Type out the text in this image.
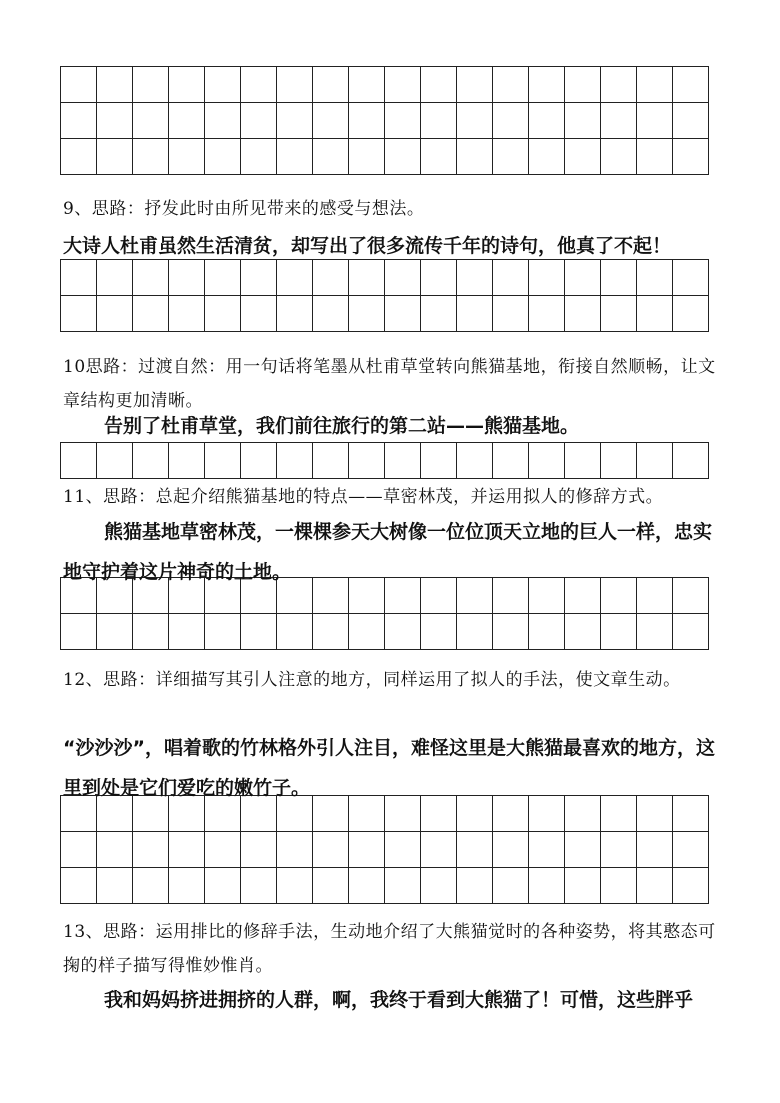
9、思路：抒发此时由所见带来的感受与想法。
大诗人杜甫虽然生活清贫，却写出了很多流传千年的诗句，他真了不起！
10思路：过渡自然：用一句话将笔墨从杜甫草堂转向熊猫基地，衔接自然顺畅，让文章结构更加清晰。
告别了杜甫草堂，我们前往旅行的第二站——熊猫基地。
11、思路：总起介绍熊猫基地的特点——草密林茂，并运用拟人的修辞方式。
熊猫基地草密林茂，一棵棵参天大树像一位位顶天立地的巨人一样，忠实地守护着这片神奇的土地。
12、思路：详细描写其引人注意的地方，同样运用了拟人的手法，使文章生动。
“沙沙沙”，唱着歌的竹林格外引人注目，难怪这里是大熊猫最喜欢的地方，这里到处是它们爱吃的嫩竹子。
13、思路：运用排比的修辞手法，生动地介绍了大熊猫觉时的各种姿势，将其憨态可掬的样子描写得惟妙惟肖。
我和妈妈挤进拥挤的人群，啊，我终于看到大熊猫了！可惜，这些胖乎
